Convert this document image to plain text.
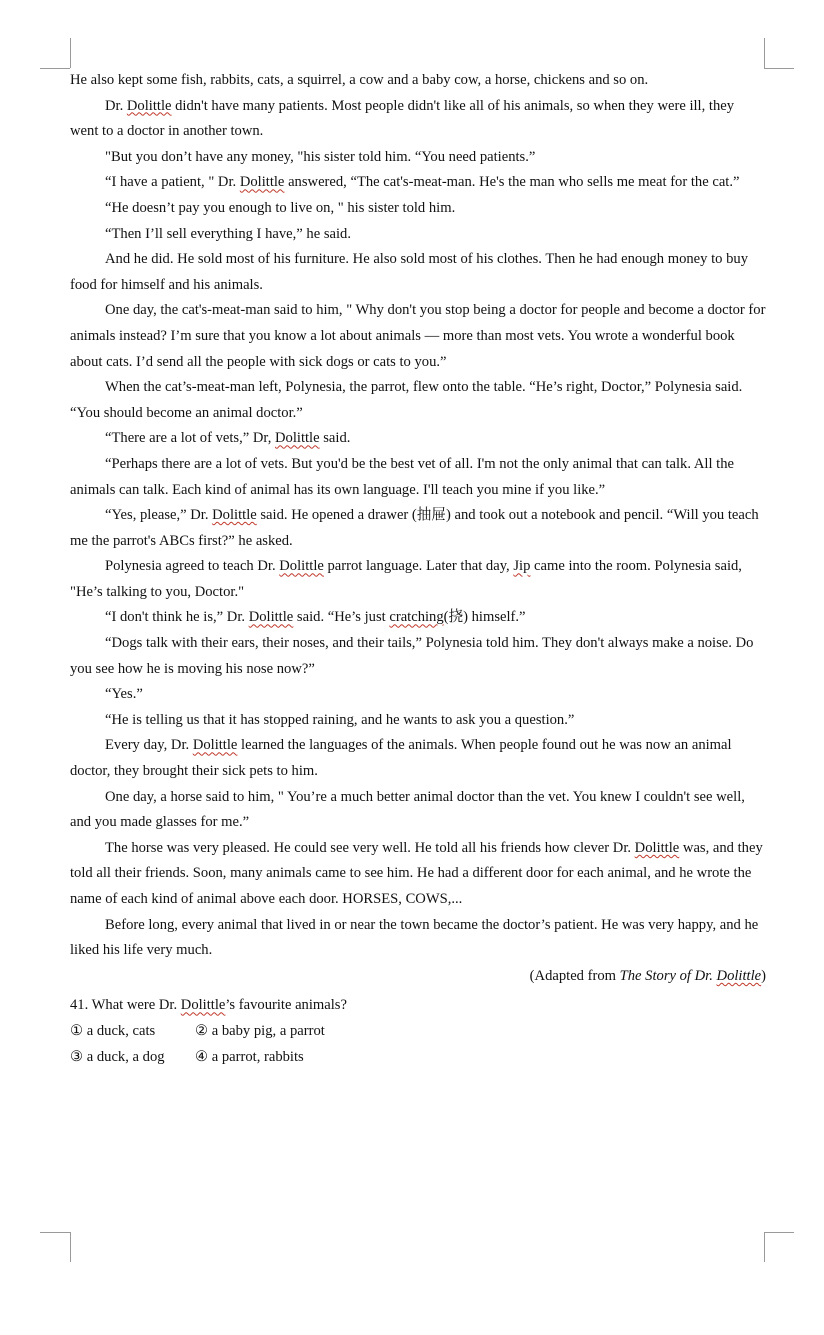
He also kept some fish, rabbits, cats, a squirrel, a cow and a baby cow, a horse, chickens and so on.

Dr. Dolittle didn't have many patients. Most people didn't like all of his animals, so when they were ill, they went to a doctor in another town.

"But you don’t have any money, "his sister told him. “You need patients.”

“I have a patient, " Dr. Dolittle answered, “The cat's-meat-man. He's the man who sells me meat for the cat.”

“He doesn’t pay you enough to live on, " his sister told him.

“Then I’ll sell everything I have,” he said.

And he did. He sold most of his furniture. He also sold most of his clothes. Then he had enough money to buy food for himself and his animals.

One day, the cat's-meat-man said to him, " Why don't you stop being a doctor for people and become a doctor for animals instead? I’m sure that you know a lot about animals — more than most vets. You wrote a wonderful book about cats. I’d send all the people with sick dogs or cats to you.”

When the cat’s-meat-man left, Polynesia, the parrot, flew onto the table. “He’s right, Doctor,” Polynesia said. “You should become an animal doctor.”

“There are a lot of vets,” Dr, Dolittle said.

“Perhaps there are a lot of vets. But you'd be the best vet of all. I'm not the only animal that can talk. All the animals can talk. Each kind of animal has its own language. I'll teach you mine if you like.”

“Yes, please,” Dr. Dolittle said. He opened a drawer (抽屉) and took out a notebook and pencil. “Will you teach me the parrot's ABCs first?” he asked.

Polynesia agreed to teach Dr. Dolittle parrot language. Later that day, Jip came into the room. Polynesia said, "He’s talking to you, Doctor."

“I don't think he is,” Dr. Dolittle said. “He’s just cratching(挠) himself.”

“Dogs talk with their ears, their noses, and their tails,” Polynesia told him. They don't always make a noise. Do you see how he is moving his nose now?”

“Yes.”

“He is telling us that it has stopped raining, and he wants to ask you a question.”

Every day, Dr. Dolittle learned the languages of the animals. When people found out he was now an animal doctor, they brought their sick pets to him.

One day, a horse said to him, " You’re a much better animal doctor than the vet. You knew I couldn't see well, and you made glasses for me.”

The horse was very pleased. He could see very well. He told all his friends how clever Dr. Dolittle was, and they told all their friends. Soon, many animals came to see him. He had a different door for each animal, and he wrote the name of each kind of animal above each door. HORSES, COWS,...

Before long, every animal that lived in or near the town became the doctor’s patient. He was very happy, and he liked his life very much.

(Adapted from The Story of Dr. Dolittle)

41. What were Dr. Dolittle’s favourite animals?
① a duck, cats	② a baby pig, a parrot
③ a duck, a dog ④ a parrot, rabbits
